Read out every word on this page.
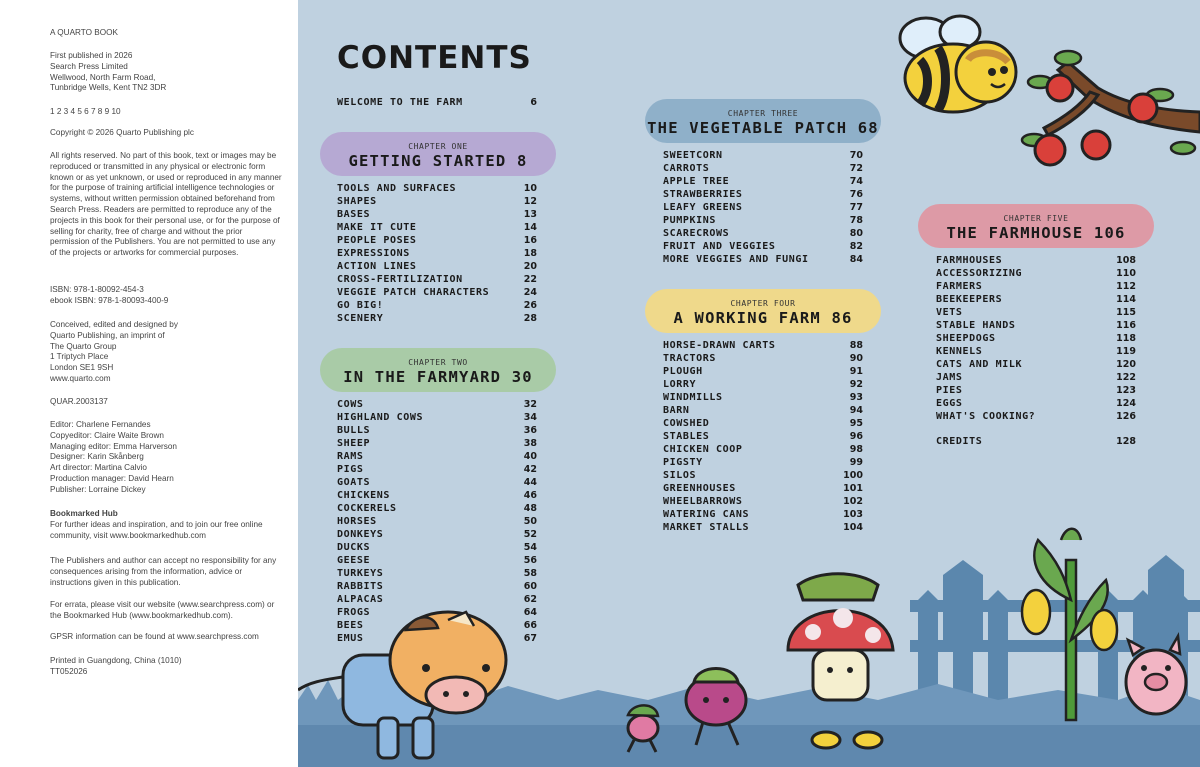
A QUARTO BOOK

First published in 2026
Search Press Limited
Wellwood, North Farm Road,
Tunbridge Wells, Kent TN2 3DR

1 2 3 4 5 6 7 8 9 10

Copyright © 2026 Quarto Publishing plc

All rights reserved. No part of this book, text or images may be reproduced or transmitted in any physical or electronic form known or as yet unknown, or used or reproduced in any manner for the purpose of training artificial intelligence technologies or systems, without written permission obtained beforehand from Search Press. Readers are permitted to reproduce any of the projects in this book for their personal use, or for the purpose of selling for charity, free of charge and without the prior permission of the Publishers. You are not permitted to use any of the projects or artworks for commercial purposes.

ISBN: 978-1-80092-454-3
ebook ISBN: 978-1-80093-400-9

Conceived, edited and designed by
Quarto Publishing, an imprint of
The Quarto Group
1 Triptych Place
London SE1 9SH
www.quarto.com

QUAR.2003137

Editor: Charlene Fernandes
Copyeditor: Claire Waite Brown
Managing editor: Emma Harverson
Designer: Karin Skånberg
Art director: Martina Calvio
Production manager: David Hearn
Publisher: Lorraine Dickey

Bookmarked Hub

For further ideas and inspiration, and to join our free online community, visit www.bookmarkedhub.com

The Publishers and author can accept no responsibility for any consequences arising from the information, advice or instructions given in this publication.

For errata, please visit our website (www.searchpress.com) or the Bookmarked Hub (www.bookmarkedhub.com).

GPSR information can be found at www.searchpress.com

Printed in Guangdong, China (1010)
TT052026

CONTENTS
WELCOME TO THE FARM	6
CHAPTER ONE
GETTING STARTED 8
TOOLS AND SURFACES	10
SHAPES	12
BASES	13
MAKE IT CUTE	14
PEOPLE POSES	16
EXPRESSIONS	18
ACTION LINES	20
CROSS-FERTILIZATION	22
VEGGIE PATCH CHARACTERS	24
GO BIG!	26
SCENERY	28
CHAPTER TWO
IN THE FARMYARD 30
COWS	32
HIGHLAND COWS	34
BULLS	36
SHEEP	38
RAMS	40
PIGS	42
GOATS	44
CHICKENS	46
COCKERELS	48
HORSES	50
DONKEYS	52
DUCKS	54
GEESE	56
TURKEYS	58
RABBITS	60
ALPACAS	62
FROGS	64
BEES	66
EMUS	67
CHAPTER THREE
THE VEGETABLE PATCH 68
SWEETCORN	70
CARROTS	72
APPLE TREE	74
STRAWBERRIES	76
LEAFY GREENS	77
PUMPKINS	78
SCARECROWS	80
FRUIT AND VEGGIES	82
MORE VEGGIES AND FUNGI	84
CHAPTER FOUR
A WORKING FARM 86
HORSE-DRAWN CARTS	88
TRACTORS	90
PLOUGH	91
LORRY	92
WINDMILLS	93
BARN	94
COWSHED	95
STABLES	96
CHICKEN COOP	98
PIGSTY	99
SILOS	100
GREENHOUSES	101
WHEELBARROWS	102
WATERING CANS	103
MARKET STALLS	104
CHAPTER FIVE
THE FARMHOUSE 106
FARMHOUSES	108
ACCESSORIZING	110
FARMERS	112
BEEKEEPERS	114
VETS	115
STABLE HANDS	116
SHEEPDOGS	118
KENNELS	119
CATS AND MILK	120
JAMS	122
PIES	123
EGGS	124
WHAT'S COOKING?	126
CREDITS	128
